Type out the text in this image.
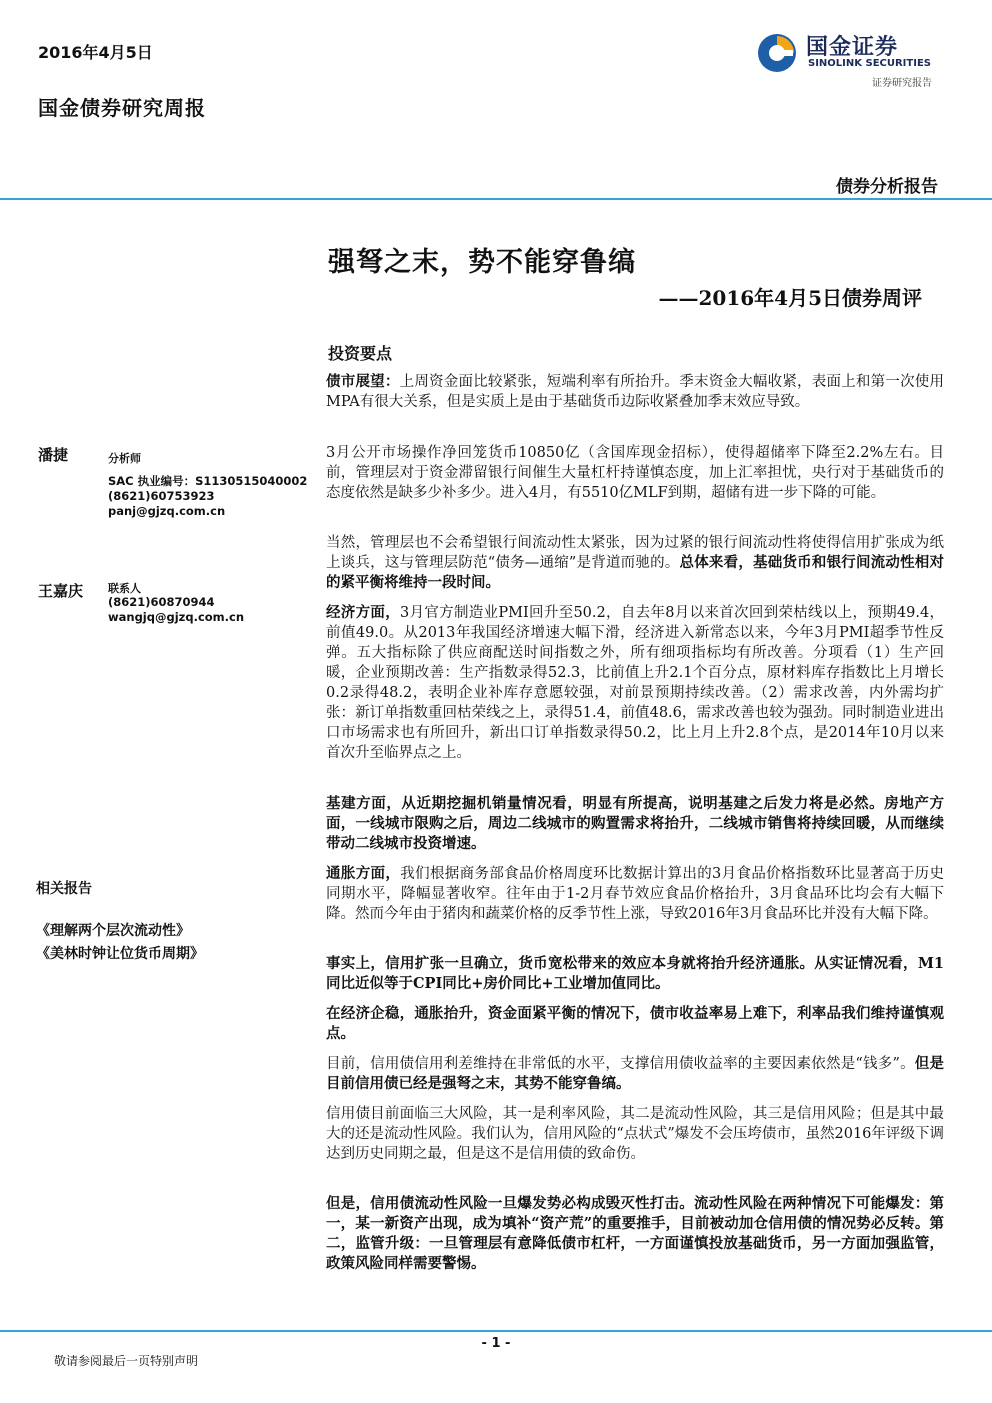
2016年4月5日
国金债券研究周报
国金证券
SINOLINK SECURITIES
证券研究报告
债券分析报告
强弩之末，势不能穿鲁缟
——2016年4月5日债券周评
投资要点
债市展望：上周资金面比较紧张，短端利率有所抬升。季末资金大幅收紧，表面上和第一次使用MPA有很大关系，但是实质上是由于基础货币边际收紧叠加季末效应导致。
3月公开市场操作净回笼货币10850亿（含国库现金招标），使得超储率下降至2.2%左右。目前，管理层对于资金滞留银行间催生大量杠杆持谨慎态度，加上汇率担忧，央行对于基础货币的态度依然是缺多少补多少。进入4月，有5510亿MLF到期，超储有进一步下降的可能。
当然，管理层也不会希望银行间流动性太紧张，因为过紧的银行间流动性将使得信用扩张成为纸上谈兵，这与管理层防范“债务—通缩”是背道而驰的。总体来看，基础货币和银行间流动性相对的紧平衡将维持一段时间。
经济方面，3月官方制造业PMI回升至50.2，自去年8月以来首次回到荣枯线以上，预期49.4，前值49.0。从2013年我国经济增速大幅下滑，经济进入新常态以来，今年3月PMI超季节性反弹。五大指标除了供应商配送时间指数之外，所有细项指标均有所改善。分项看（1）生产回暖，企业预期改善：生产指数录得52.3，比前值上升2.1个百分点，原材料库存指数比上月增长0.2录得48.2，表明企业补库存意愿较强，对前景预期持续改善。（2）需求改善，内外需均扩张：新订单指数重回枯荣线之上，录得51.4，前值48.6，需求改善也较为强劲。同时制造业进出口市场需求也有所回升，新出口订单指数录得50.2，比上月上升2.8个点，是2014年10月以来首次升至临界点之上。
基建方面，从近期挖掘机销量情况看，明显有所提高，说明基建之后发力将是必然。房地产方面，一线城市限购之后，周边二线城市的购置需求将抬升，二线城市销售将持续回暖，从而继续带动二线城市投资增速。
通胀方面，我们根据商务部食品价格周度环比数据计算出的3月食品价格指数环比显著高于历史同期水平，降幅显著收窄。往年由于1-2月春节效应食品价格抬升，3月食品环比均会有大幅下降。然而今年由于猪肉和蔬菜价格的反季节性上涨，导致2016年3月食品环比并没有大幅下降。
事实上，信用扩张一旦确立，货币宽松带来的效应本身就将抬升经济通胀。从实证情况看，M1同比近似等于CPI同比+房价同比+工业增加值同比。
在经济企稳，通胀抬升，资金面紧平衡的情况下，债市收益率易上难下，利率品我们维持谨慎观点。
目前，信用债信用利差维持在非常低的水平，支撑信用债收益率的主要因素依然是“钱多”。但是目前信用债已经是强弩之末，其势不能穿鲁缟。
信用债目前面临三大风险，其一是利率风险，其二是流动性风险，其三是信用风险；但是其中最大的还是流动性风险。我们认为，信用风险的“点状式”爆发不会压垮债市，虽然2016年评级下调达到历史同期之最，但是这不是信用债的致命伤。
但是，信用债流动性风险一旦爆发势必构成毁灭性打击。流动性风险在两种情况下可能爆发：第一，某一新资产出现，成为填补“资产荒”的重要推手，目前被动加仓信用债的情况势必反转。第二，监管升级：一旦管理层有意降低债市杠杆，一方面谨慎投放基础货币，另一方面加强监管，政策风险同样需要警惕。
潘捷	分析师
SAC 执业编号：S1130515040002
(8621)60753923
panj@gjzq.com.cn
王嘉庆 联系人
(8621)60870944
wangjq@gjzq.com.cn
相关报告
《理解两个层次流动性》
《美林时钟让位货币周期》
- 1 -
敬请参阅最后一页特别声明
